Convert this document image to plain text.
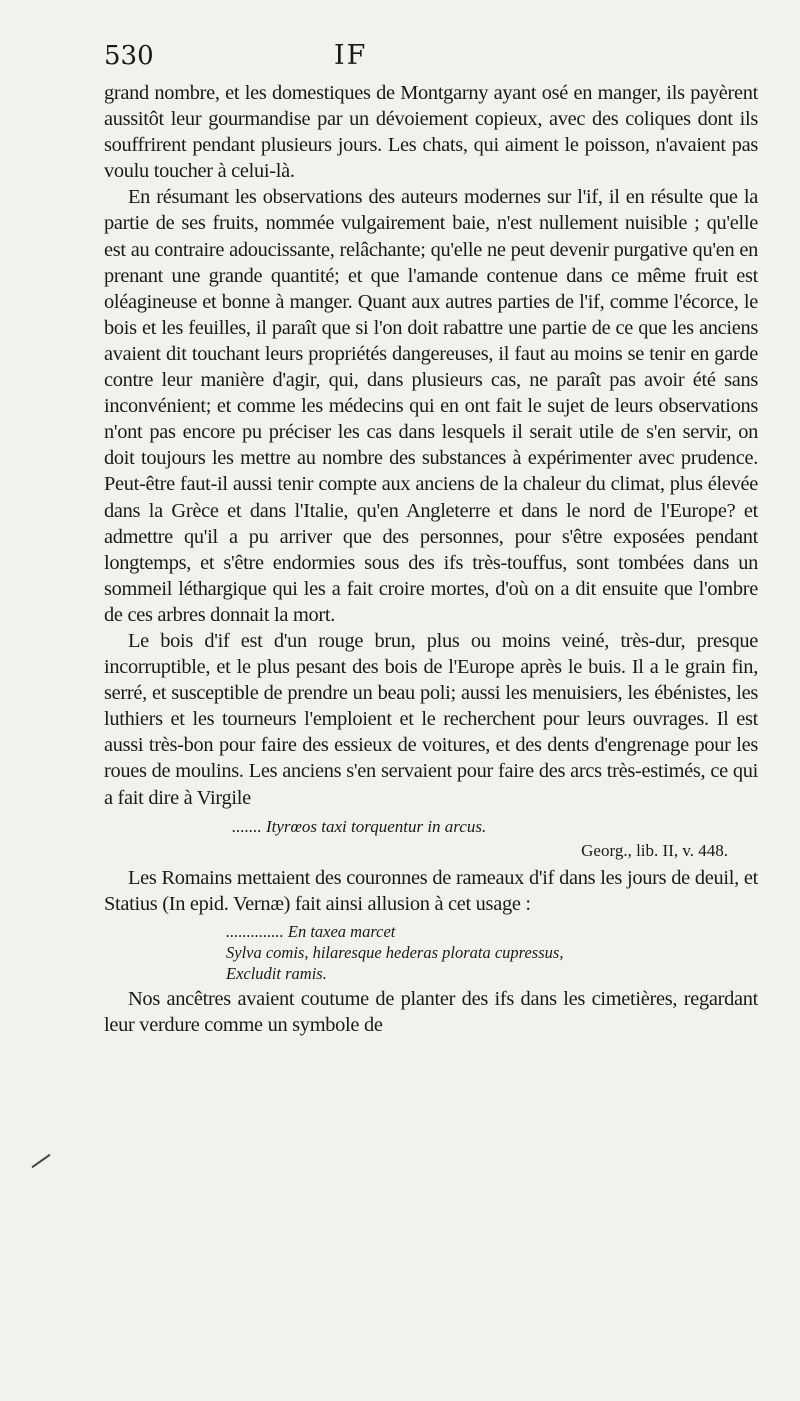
530	IF

grand nombre, et les domestiques de Montgarny ayant osé en manger, ils payèrent aussitôt leur gourmandise par un dévoiement copieux, avec des coliques dont ils souffrirent pendant plusieurs jours. Les chats, qui aiment le poisson, n'avaient pas voulu toucher à celui-là.

En résumant les observations des auteurs modernes sur l'if, il en résulte que la partie de ses fruits, nommée vulgairement baie, n'est nullement nuisible ; qu'elle est au contraire adoucissante, relâchante; qu'elle ne peut devenir purgative qu'en en prenant une grande quantité; et que l'amande contenue dans ce même fruit est oléagineuse et bonne à manger. Quant aux autres parties de l'if, comme l'écorce, le bois et les feuilles, il paraît que si l'on doit rabattre une partie de ce que les anciens avaient dit touchant leurs propriétés dangereuses, il faut au moins se tenir en garde contre leur manière d'agir, qui, dans plusieurs cas, ne paraît pas avoir été sans inconvénient; et comme les médecins qui en ont fait le sujet de leurs observations n'ont pas encore pu préciser les cas dans lesquels il serait utile de s'en servir, on doit toujours les mettre au nombre des substances à expérimenter avec prudence. Peut-être faut-il aussi tenir compte aux anciens de la chaleur du climat, plus élevée dans la Grèce et dans l'Italie, qu'en Angleterre et dans le nord de l'Europe? et admettre qu'il a pu arriver que des personnes, pour s'être exposées pendant longtemps, et s'être endormies sous des ifs très-touffus, sont tombées dans un sommeil léthargique qui les a fait croire mortes, d'où on a dit ensuite que l'ombre de ces arbres donnait la mort.

Le bois d'if est d'un rouge brun, plus ou moins veiné, très-dur, presque incorruptible, et le plus pesant des bois de l'Europe après le buis. Il a le grain fin, serré, et susceptible de prendre un beau poli; aussi les menuisiers, les ébénistes, les luthiers et les tourneurs l'emploient et le recherchent pour leurs ouvrages. Il est aussi très-bon pour faire des essieux de voitures, et des dents d'engrenage pour les roues de moulins. Les anciens s'en servaient pour faire des arcs très-estimés, ce qui a fait dire à Virgile

....... Ityrœos taxi torquentur in arcus.
Georg., lib. II, v. 448.

Les Romains mettaient des couronnes de rameaux d'if dans les jours de deuil, et Statius (In epid. Vernæ) fait ainsi allusion à cet usage :

.............. En taxea marcet
Sylva comis, hilaresque hederas plorata cupressus,
Excludit ramis.

Nos ancêtres avaient coutume de planter des ifs dans les cimetières, regardant leur verdure comme un symbole de
